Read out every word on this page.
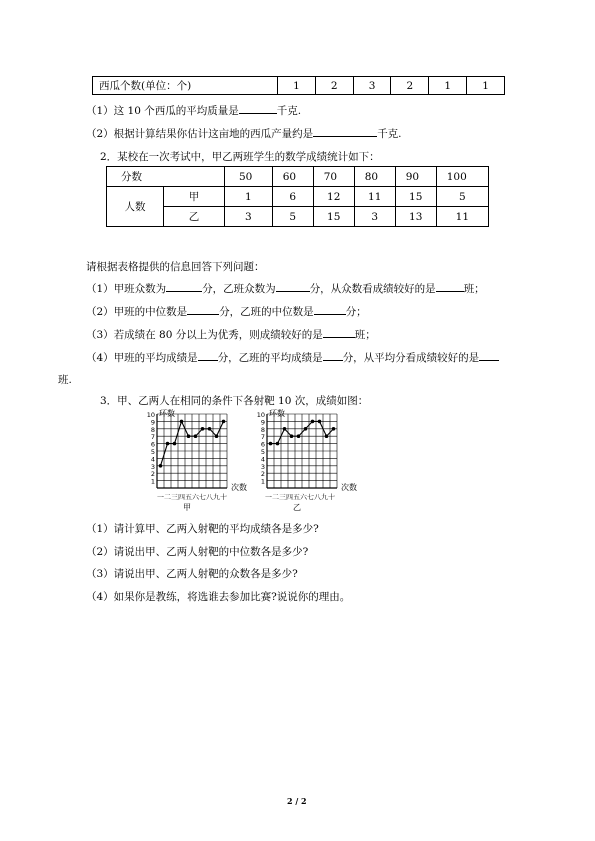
西瓜个数(单位：个)	1	2	3	2	1	1
（1）这 10 个西瓜的平均质量是	千克.
（2）根据计算结果你估计这亩地的西瓜产量约是	千克.
2．某校在一次考试中，甲乙两班学生的数学成绩统计如下：
分数		50	60	70	80	90	100
人数	甲	1	6	12	11	15	5
	乙	3	5	15	3	13	11
请根据表格提供的信息回答下列问题：
（1）甲班众数为	分，乙班众数为	分，从众数看成绩较好的是	班；
（2）甲班的中位数是	分，乙班的中位数是	分；
（3）若成绩在 80 分以上为优秀，则成绩较好的是	班；
（4）甲班的平均成绩是 分，乙班的平均成绩是 分，从平均分看成绩较好的是
班.
3．甲、乙两人在相同的条件下各射靶 10 次，成绩如图：
10
9
8
7
6
5
4
3
2
1
10
9
8
7
6
5
4
3
2
1
环数	环数
次数	次数
一二三四五六七八九十	一二三四五六七八九十
甲	乙
（1）请计算甲、乙两入射靶的平均成绩各是多少?
（2）请说出甲、乙两人射靶的中位数各是多少?
（3）请说出甲、乙两人射靶的众数各是多少?
（4）如果你是教练，将选谁去参加比赛?说说你的理由。
2 / 2
